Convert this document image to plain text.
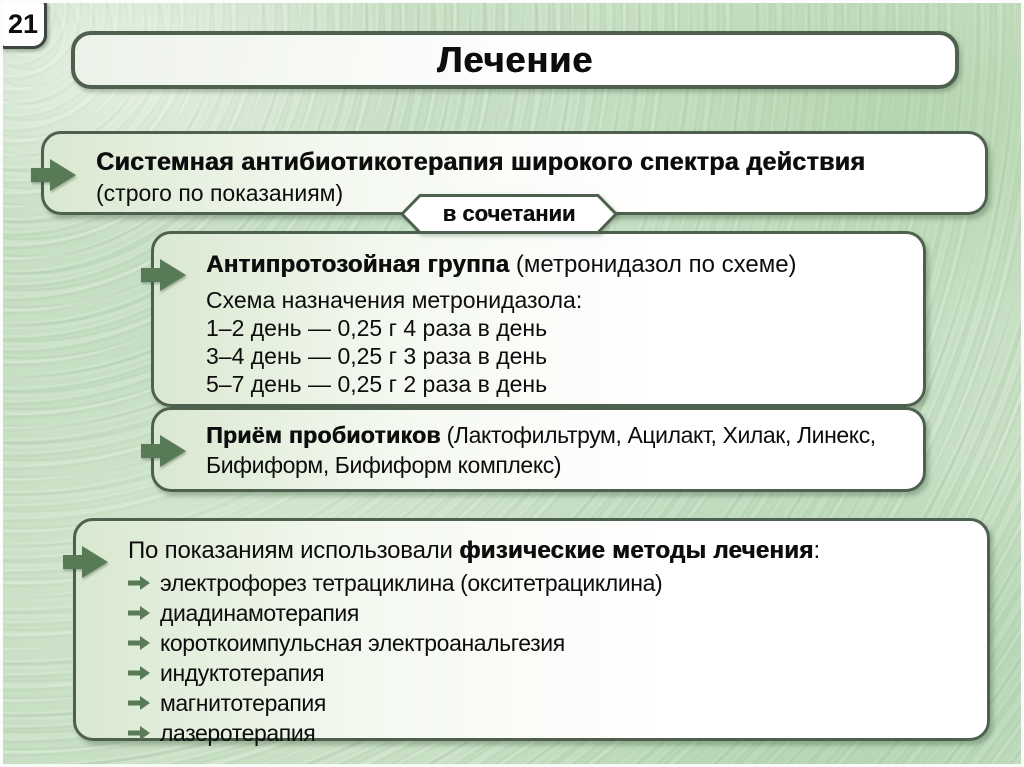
21
Лечение
Системная антибиотикотерапия широкого спектра действия
(строго по показаниям)
Антипротозойная группа (метронидазол по схеме)
Схема назначения метронидазола:
1–2 день — 0,25 г 4 раза в день
3–4 день — 0,25 г 3 раза в день
5–7 день — 0,25 г 2 раза в день
Приём пробиотиков (Лактофильтрум, Ацилакт, Хилак, Линекс, Бифиформ, Бифиформ комплекс)
По показаниям использовали физические методы лечения:
электрофорез тетрациклина (окситетрациклина)
диадинамотерапия
короткоимпульсная электроанальгезия
индуктотерапия
магнитотерапия
лазеротерапия
в сочетании
